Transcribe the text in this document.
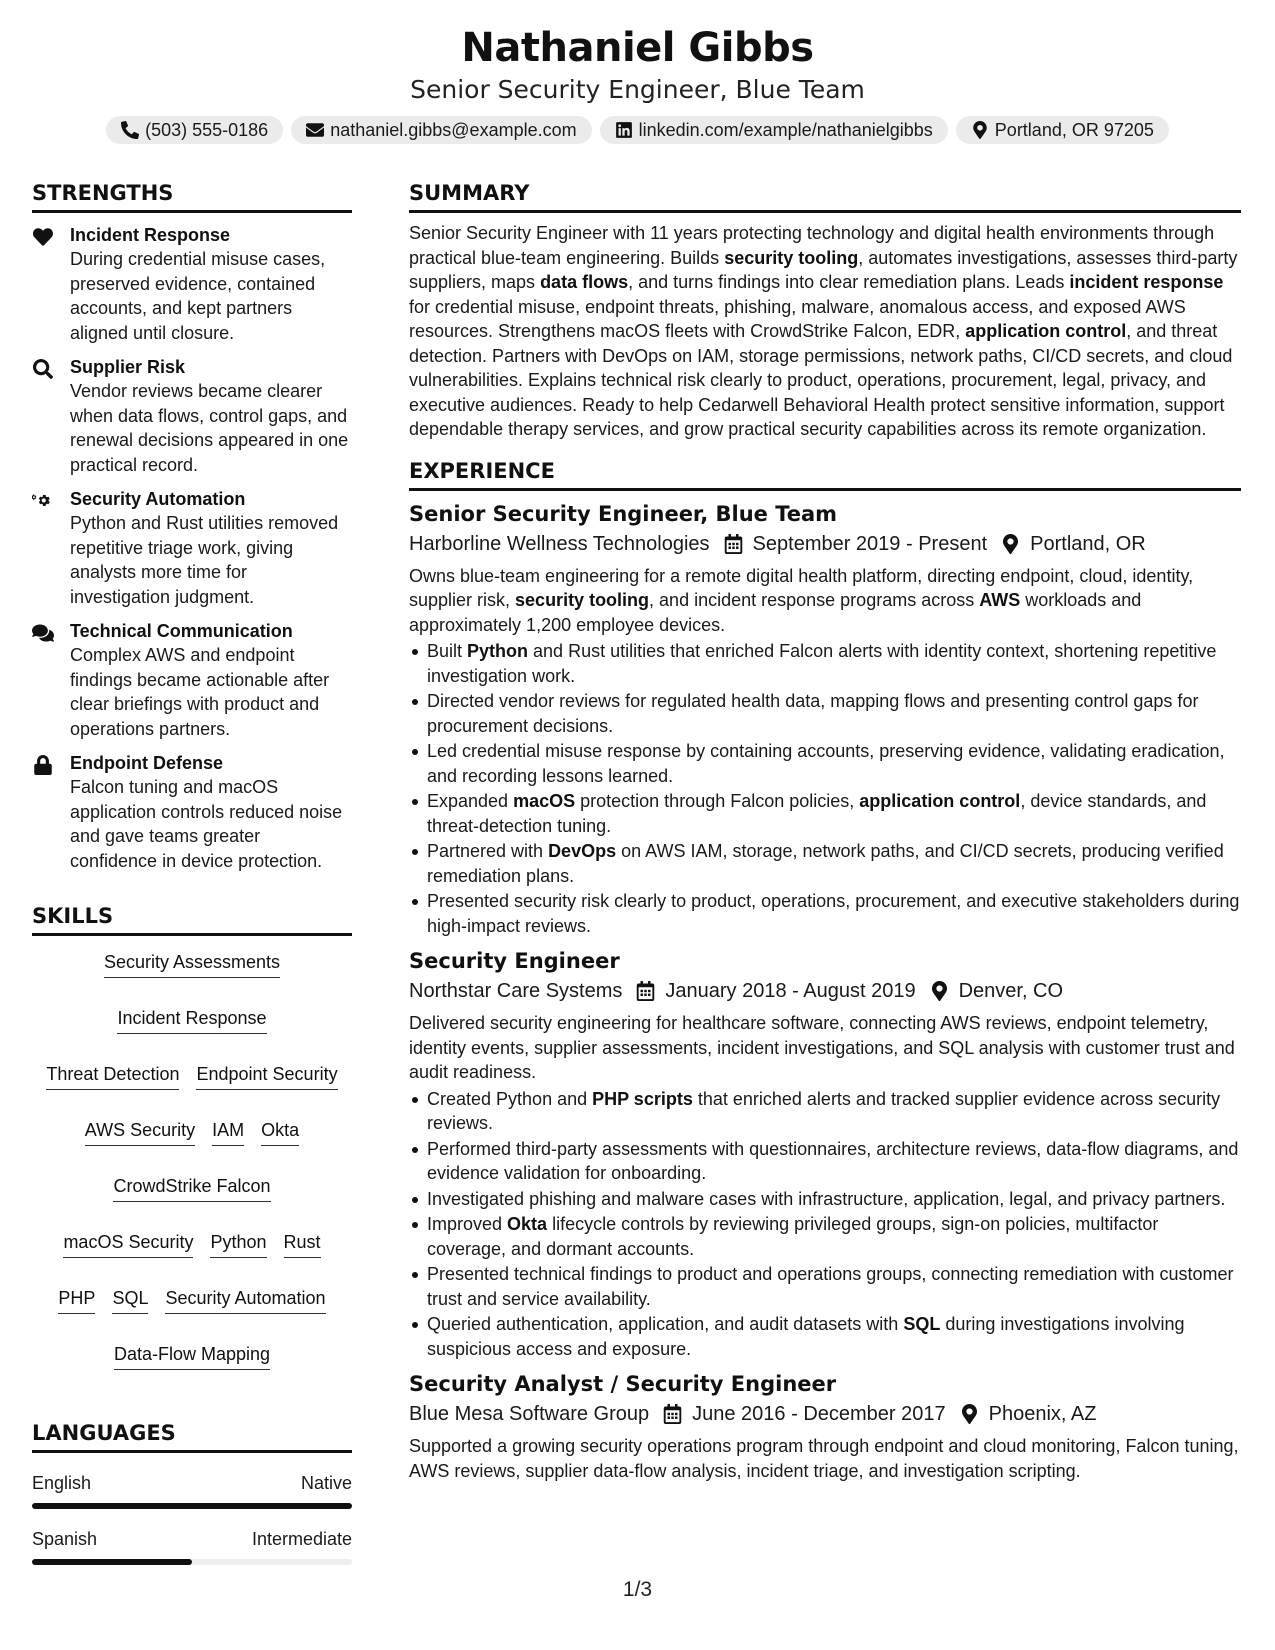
Nathaniel Gibbs
Senior Security Engineer, Blue Team
(503) 555-0186	nathaniel.gibbs@example.com	linkedin.com/example/nathanielgibbs	Portland, OR 97205
STRENGTHS
Incident Response
During credential misuse cases, preserved evidence, contained accounts, and kept partners aligned until closure.
Supplier Risk
Vendor reviews became clearer when data flows, control gaps, and renewal decisions appeared in one practical record.
Security Automation
Python and Rust utilities removed repetitive triage work, giving analysts more time for investigation judgment.
Technical Communication
Complex AWS and endpoint findings became actionable after clear briefings with product and operations partners.
Endpoint Defense
Falcon tuning and macOS application controls reduced noise and gave teams greater confidence in device protection.
SKILLS
Security Assessments
Incident Response
Threat Detection Endpoint Security
AWS Security IAM Okta
CrowdStrike Falcon
macOS Security Python Rust
PHP SQL Security Automation
Data-Flow Mapping
LANGUAGES
English	Native
Spanish	Intermediate
SUMMARY
Senior Security Engineer with 11 years protecting technology and digital health environments through practical blue-team engineering. Builds security tooling, automates investigations, assesses third-party suppliers, maps data flows, and turns findings into clear remediation plans. Leads incident response for credential misuse, endpoint threats, phishing, malware, anomalous access, and exposed AWS resources. Strengthens macOS fleets with CrowdStrike Falcon, EDR, application control, and threat detection. Partners with DevOps on IAM, storage permissions, network paths, CI/CD secrets, and cloud vulnerabilities. Explains technical risk clearly to product, operations, procurement, legal, privacy, and executive audiences. Ready to help Cedarwell Behavioral Health protect sensitive information, support dependable therapy services, and grow practical security capabilities across its remote organization.
EXPERIENCE
Senior Security Engineer, Blue Team
Harborline Wellness Technologies September 2019 - Present Portland, OR
Owns blue-team engineering for a remote digital health platform, directing endpoint, cloud, identity, supplier risk, security tooling, and incident response programs across AWS workloads and approximately 1,200 employee devices.
Built Python and Rust utilities that enriched Falcon alerts with identity context, shortening repetitive investigation work.
Directed vendor reviews for regulated health data, mapping flows and presenting control gaps for procurement decisions.
Led credential misuse response by containing accounts, preserving evidence, validating eradication, and recording lessons learned.
Expanded macOS protection through Falcon policies, application control, device standards, and threat-detection tuning.
Partnered with DevOps on AWS IAM, storage, network paths, and CI/CD secrets, producing verified remediation plans.
Presented security risk clearly to product, operations, procurement, and executive stakeholders during high-impact reviews.
Security Engineer
Northstar Care Systems January 2018 - August 2019 Denver, CO
Delivered security engineering for healthcare software, connecting AWS reviews, endpoint telemetry, identity events, supplier assessments, incident investigations, and SQL analysis with customer trust and audit readiness.
Created Python and PHP scripts that enriched alerts and tracked supplier evidence across security reviews.
Performed third-party assessments with questionnaires, architecture reviews, data-flow diagrams, and evidence validation for onboarding.
Investigated phishing and malware cases with infrastructure, application, legal, and privacy partners.
Improved Okta lifecycle controls by reviewing privileged groups, sign-on policies, multifactor coverage, and dormant accounts.
Presented technical findings to product and operations groups, connecting remediation with customer trust and service availability.
Queried authentication, application, and audit datasets with SQL during investigations involving suspicious access and exposure.
Security Analyst / Security Engineer
Blue Mesa Software Group June 2016 - December 2017 Phoenix, AZ
Supported a growing security operations program through endpoint and cloud monitoring, Falcon tuning, AWS reviews, supplier data-flow analysis, incident triage, and investigation scripting.
1/3
